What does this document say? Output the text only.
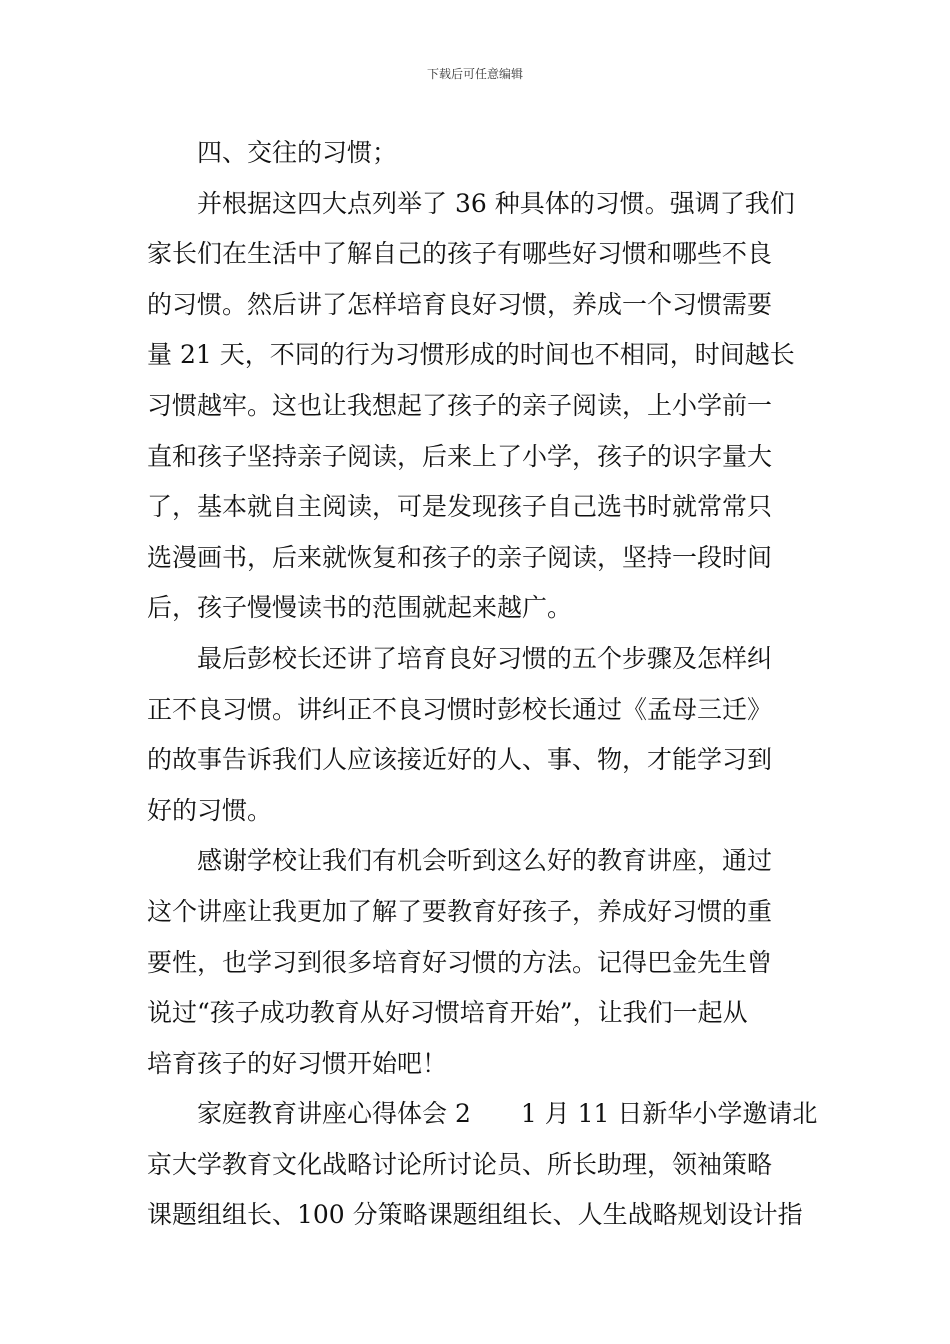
下载后可任意编辑

四、交往的习惯；

并根据这四大点列举了 36 种具体的习惯。强调了我们
家长们在生活中了解自己的孩子有哪些好习惯和哪些不良
的习惯。然后讲了怎样培育良好习惯，养成一个习惯需要
量 21 天，不同的行为习惯形成的时间也不相同，时间越长
习惯越牢。这也让我想起了孩子的亲子阅读，上小学前一
直和孩子坚持亲子阅读，后来上了小学，孩子的识字量大
了，基本就自主阅读，可是发现孩子自己选书时就常常只
选漫画书，后来就恢复和孩子的亲子阅读，坚持一段时间
后，孩子慢慢读书的范围就起来越广。

最后彭校长还讲了培育良好习惯的五个步骤及怎样纠
正不良习惯。讲纠正不良习惯时彭校长通过《孟母三迁》
的故事告诉我们人应该接近好的人、事、物，才能学习到
好的习惯。

感谢学校让我们有机会听到这么好的教育讲座，通过
这个讲座让我更加了解了要教育好孩子，养成好习惯的重
要性，也学习到很多培育好习惯的方法。记得巴金先生曾
说过“孩子成功教育从好习惯培育开始”，让我们一起从
培育孩子的好习惯开始吧！

家庭教育讲座心得体会 2　　1 月 11 日新华小学邀请北
京大学教育文化战略讨论所讨论员、所长助理，领袖策略
课题组组长、100 分策略课题组组长、人生战略规划设计指
